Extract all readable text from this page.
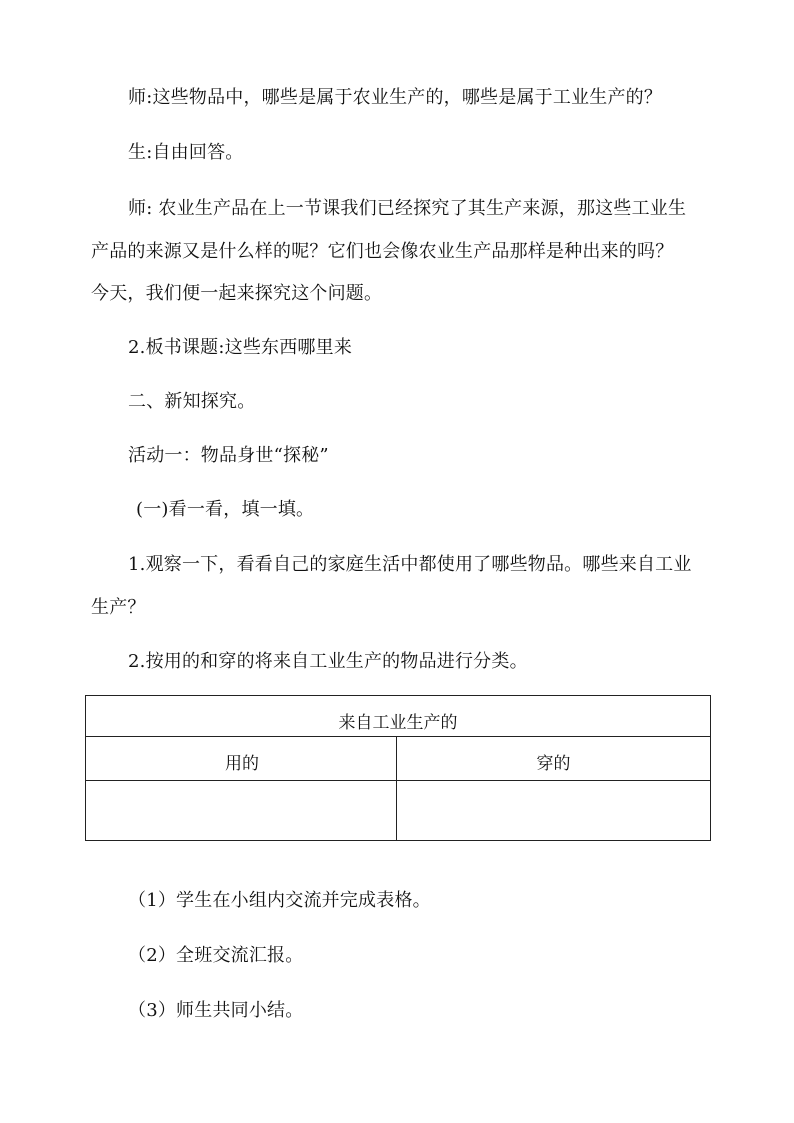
师:这些物品中，哪些是属于农业生产的，哪些是属于工业生产的？

生:自由回答。

师: 农业生产品在上一节课我们已经探究了其生产来源，那这些工业生

产品的来源又是什么样的呢？它们也会像农业生产品那样是种出来的吗？

今天，我们便一起来探究这个问题。

2.板书课题:这些东西哪里来

二、新知探究。

活动一：物品身世“探秘”

(一)看一看，填一填。

1.观察一下，看看自己的家庭生活中都使用了哪些物品。哪些来自工业

生产？

2.按用的和穿的将来自工业生产的物品进行分类。

来自工业生产的	
用的	穿的

（1）学生在小组内交流并完成表格。

（2）全班交流汇报。

（3）师生共同小结。
